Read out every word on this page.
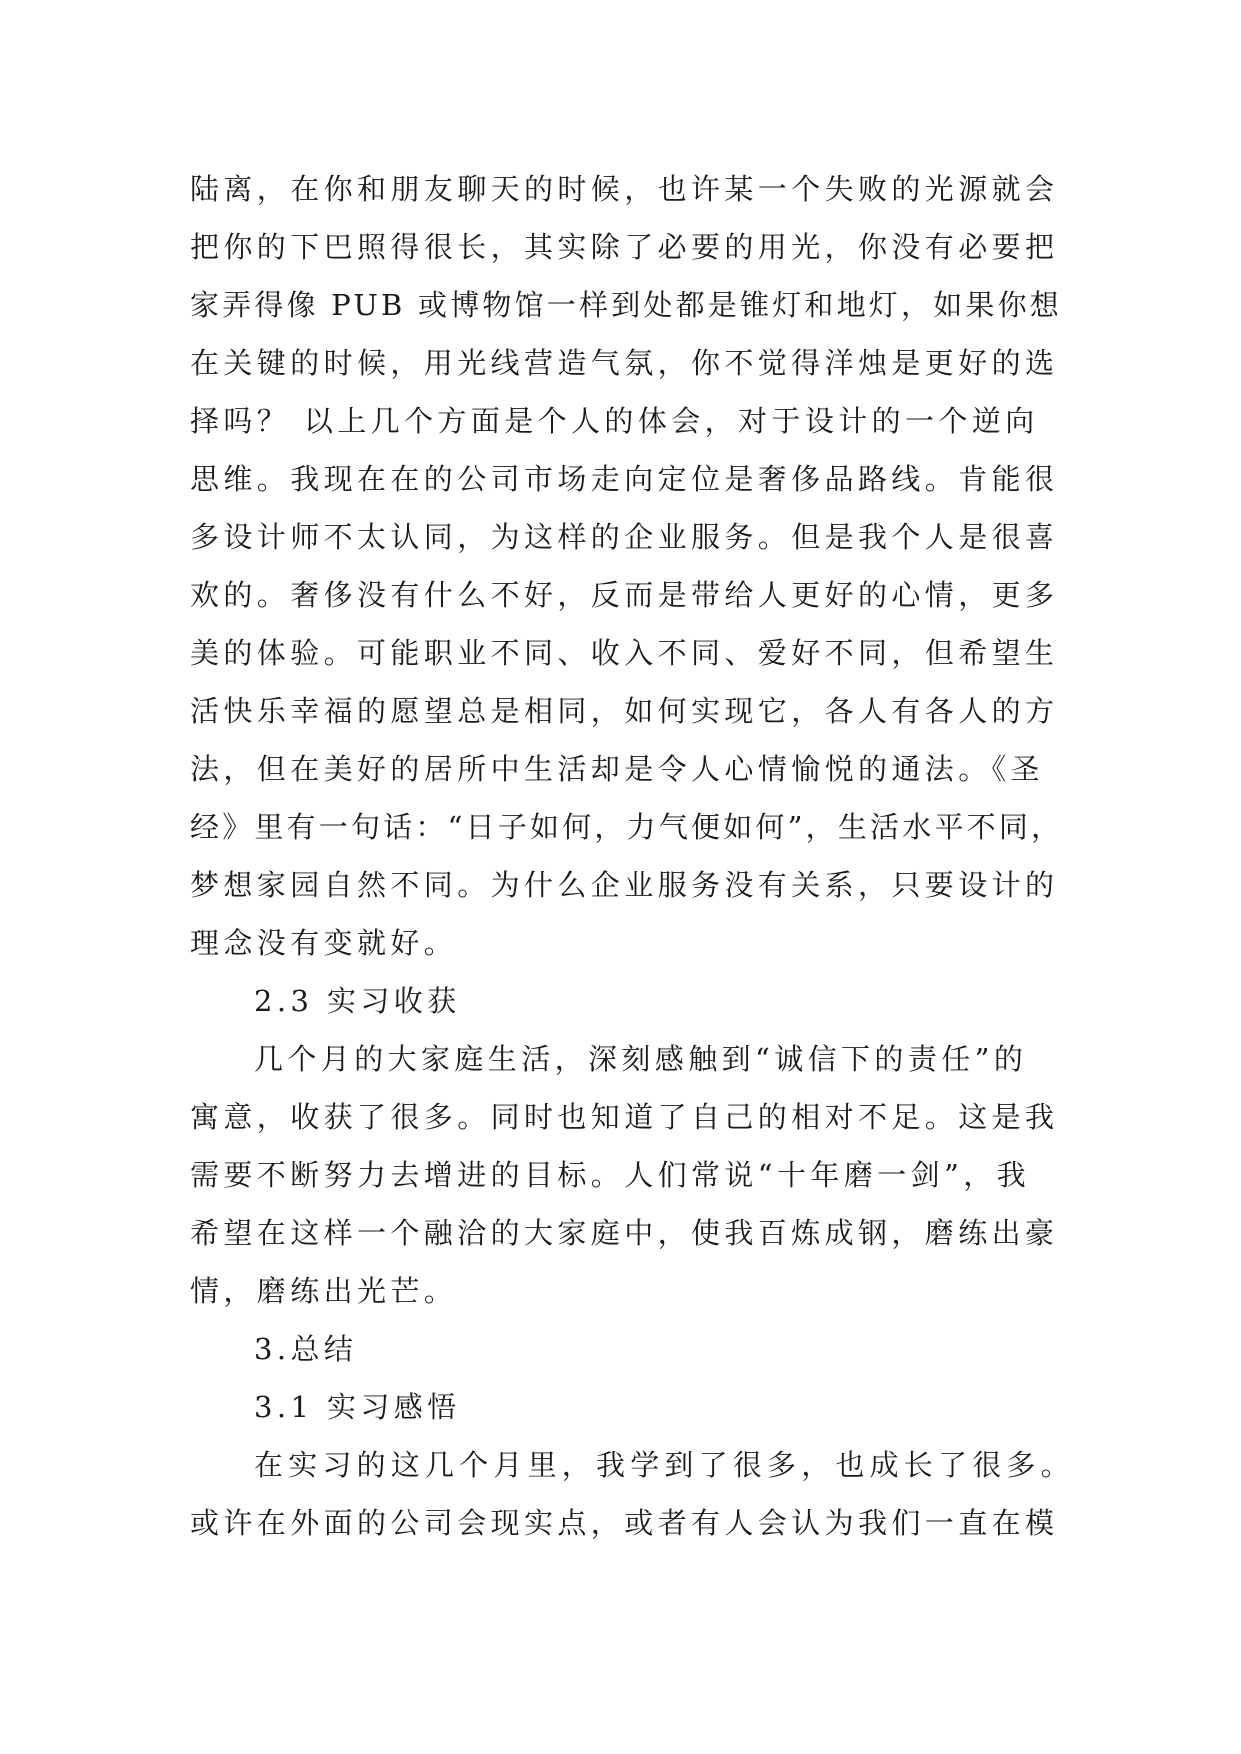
陆离，在你和朋友聊天的时候，也许某一个失败的光源就会
把你的下巴照得很长，其实除了必要的用光，你没有必要把
家弄得像 PUB 或博物馆一样到处都是锥灯和地灯，如果你想
在关键的时候，用光线营造气氛，你不觉得洋烛是更好的选
择吗？ 以上几个方面是个人的体会，对于设计的一个逆向
思维。我现在在的公司市场走向定位是奢侈品路线。肯能很
多设计师不太认同，为这样的企业服务。但是我个人是很喜
欢的。奢侈没有什么不好，反而是带给人更好的心情，更多
美的体验。可能职业不同、收入不同、爱好不同，但希望生
活快乐幸福的愿望总是相同，如何实现它，各人有各人的方
法，但在美好的居所中生活却是令人心情愉悦的通法。《圣
经》里有一句话：“日子如何，力气便如何”，生活水平不同，
梦想家园自然不同。为什么企业服务没有关系，只要设计的
理念没有变就好。
2.3 实习收获
几个月的大家庭生活，深刻感触到“诚信下的责任”的
寓意，收获了很多。同时也知道了自己的相对不足。这是我
需要不断努力去增进的目标。人们常说“十年磨一剑”，我
希望在这样一个融洽的大家庭中，使我百炼成钢，磨练出豪
情，磨练出光芒。
3.总结
3.1 实习感悟
在实习的这几个月里，我学到了很多，也成长了很多。
或许在外面的公司会现实点，或者有人会认为我们一直在模
